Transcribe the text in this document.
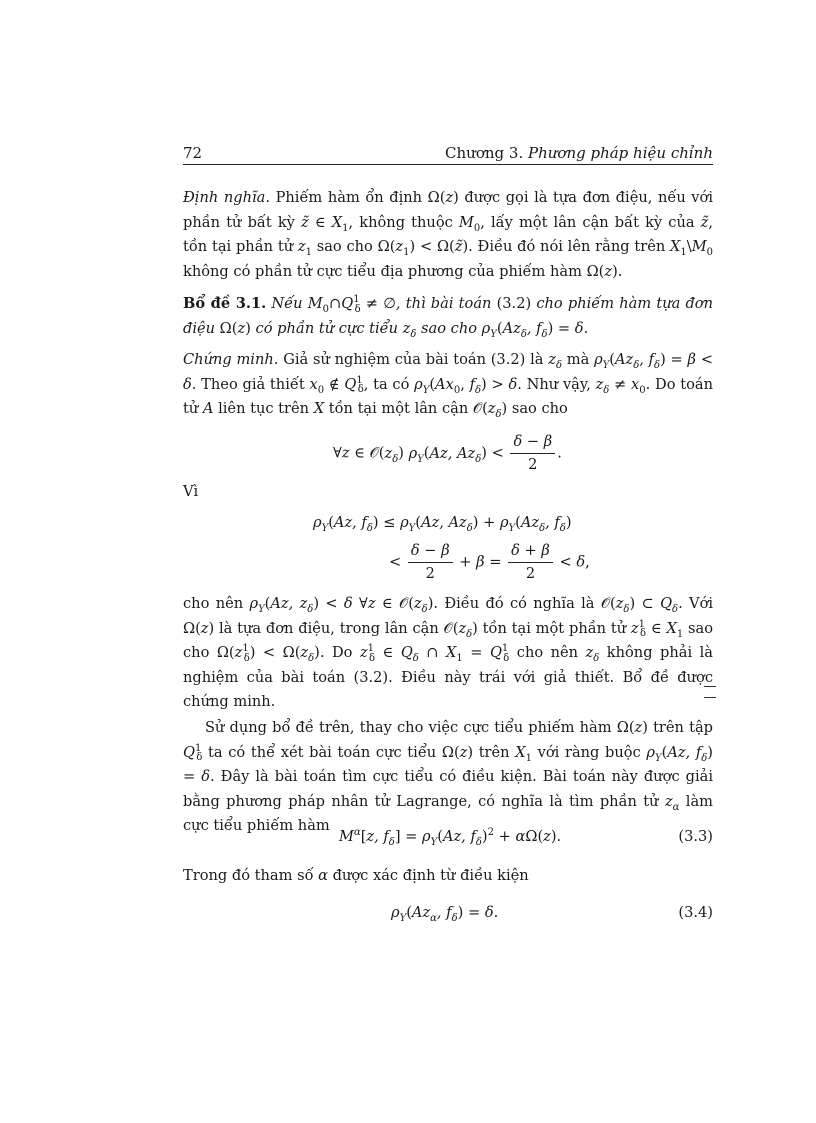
72	Chương 3. Phương pháp hiệu chỉnh
Định nghĩa. Phiếm hàm ổn định Ω(z) được gọi là tựa đơn điệu, nếu với phần tử bất kỳ z̃ ∈ $X_1$, không thuộc $M_0$, lấy một lân cận bất kỳ của z̃, tồn tại phần tử $z_1$ sao cho $\Omega(z_1)$ < Ω(z̃). Điều đó nói lên rằng trên $X_1\backslash M_0$ không có phần tử cực tiểu địa phương của phiếm hàm Ω(z).
Bổ đề 3.1. Nếu $M_0\cap Q^1_\delta$ ≠ ∅, thì bài toán (3.2) cho phiếm hàm tựa đơn điệu Ω(z) có phần tử cực tiểu $z_\delta$ sao cho $\rho_Y(Az_\delta$, $f_\delta) = \delta$.
Chứng minh. Giả sử nghiệm của bài toán (3.2) là $z_\delta$ mà $\rho_Y(Az_\delta$, $f_\delta) = \beta < \delta$. Theo giả thiết $x_0$ ∉ $Q^1_\delta$, ta có $\rho_Y(Ax_0$, $f_\delta) > \delta$. Như vậy, $z_\delta \ne x_0$. Do toán tử A liên tục trên X tồn tại một lân cận $𝒪(z_\delta)$ sao cho
∀z ∈ $𝒪(z_\delta)$ $\rho_Y(Az$, $Az_\delta) < \frac{\delta - \beta}{2}$ .
Vì
$\rho_Y(Az$, $f_\delta) \le \rho_Y(Az$, $Az_\delta) + \rho_Y(Az_\delta$, $f_\delta$)
< $\frac{\delta - \beta}{2} + \beta = \frac{\delta + \beta}{2} < \delta$,
cho nên $\rho_Y(Az$, $z_\delta) < \delta$ ∀z ∈ $𝒪(z_\delta)$. Điều đó có nghĩa là $𝒪(z_\delta)$ ⊂ $Q_\delta$. Với Ω(z) là tựa đơn điệu, trong lân cận $𝒪(z_\delta)$ tồn tại một phần tử $z^1_\delta$ ∈ $X_1$ sao cho $\Omega(z^1_\delta) < \Omega(z_\delta)$. Do $z^1_\delta$ ∈ $Q_\delta$ ∩ $X_1 = Q^1_\delta$ cho nên $z_\delta$ không phải là nghiệm của bài toán (3.2). Điều này trái với giả thiết. Bổ đề được chứng minh.
Sử dụng bổ đề trên, thay cho việc cực tiểu phiếm hàm Ω(z) trên tập $Q^1_\delta$ ta có thể xét bài toán cực tiểu Ω(z) trên $X_1$ với ràng buộc $\rho_Y(Az$, $f_\delta) = \delta$. Đây là bài toán tìm cực tiểu có điều kiện. Bài toán này được giải bằng phương pháp nhân tử Lagrange, có nghĩa là tìm phần tử $z_\alpha$ làm cực tiểu phiếm hàm
$M^\alpha[z$, $f_\delta] = \rho_Y(Az$, $f_\delta)^2 + \alpha\Omega(z)$.	(3.3)
Trong đó tham số α được xác định từ điều kiện
$\rho_Y(Az_\alpha$, $f_\delta) = \delta$.	(3.4)
